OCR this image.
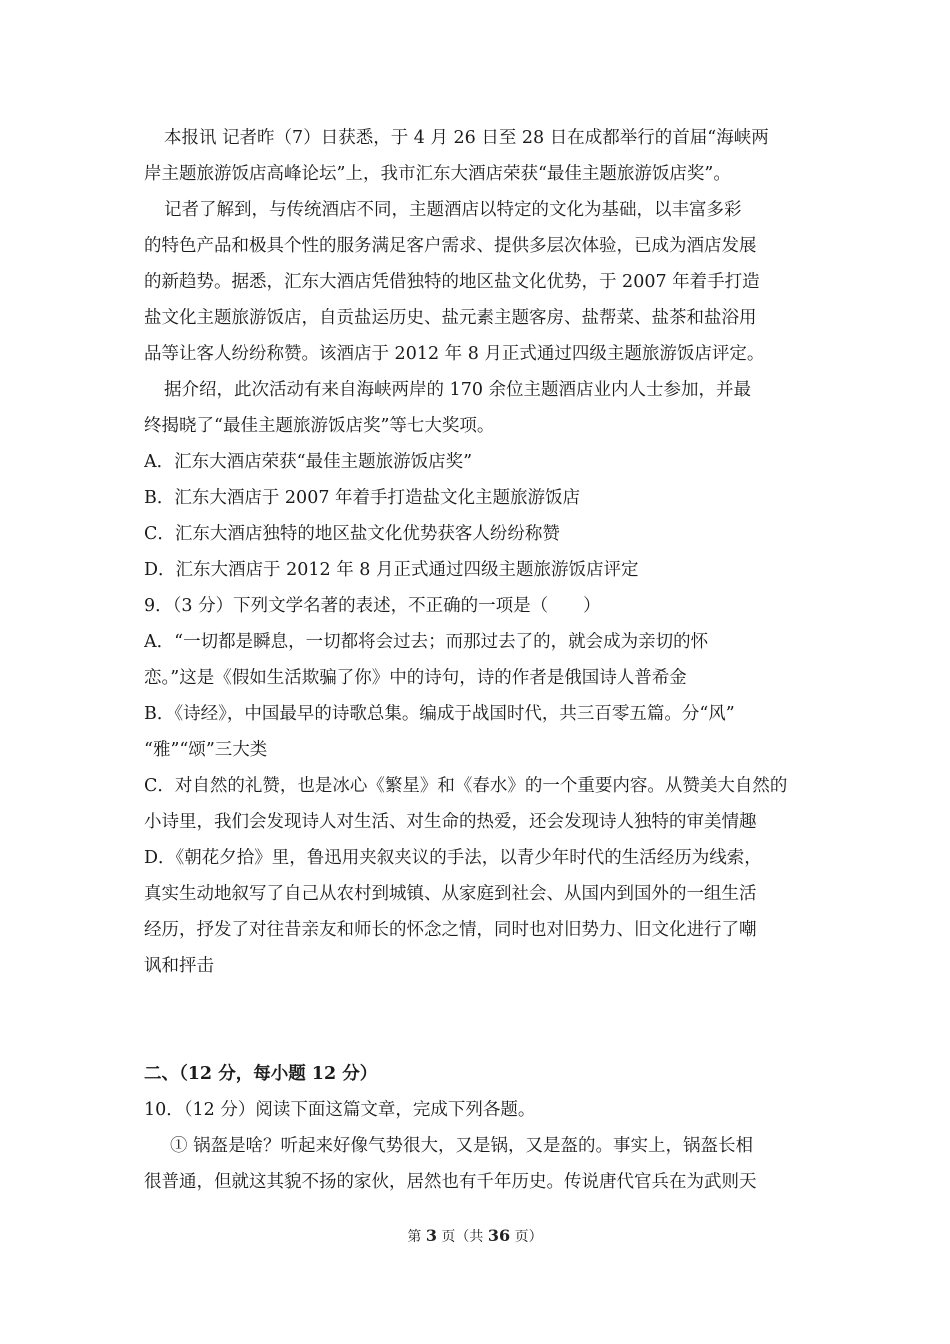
本报讯 记者昨（7）日获悉，于 4 月 26 日至 28 日在成都举行的首届“海峡两
岸主题旅游饭店高峰论坛”上，我市汇东大酒店荣获“最佳主题旅游饭店奖”。
记者了解到，与传统酒店不同，主题酒店以特定的文化为基础，以丰富多彩
的特色产品和极具个性的服务满足客户需求、提供多层次体验，已成为酒店发展
的新趋势。据悉，汇东大酒店凭借独特的地区盐文化优势，于 2007 年着手打造
盐文化主题旅游饭店，自贡盐运历史、盐元素主题客房、盐帮菜、盐茶和盐浴用
品等让客人纷纷称赞。该酒店于 2012 年 8 月正式通过四级主题旅游饭店评定。
据介绍，此次活动有来自海峡两岸的 170 余位主题酒店业内人士参加，并最
终揭晓了“最佳主题旅游饭店奖”等七大奖项。
A．汇东大酒店荣获“最佳主题旅游饭店奖”
B．汇东大酒店于 2007 年着手打造盐文化主题旅游饭店
C．汇东大酒店独特的地区盐文化优势获客人纷纷称赞
D．汇东大酒店于 2012 年 8 月正式通过四级主题旅游饭店评定
9．（3 分）下列文学名著的表述，不正确的一项是（　　）
A．“一切都是瞬息，一切都将会过去；而那过去了的，就会成为亲切的怀
恋。”这是《假如生活欺骗了你》中的诗句，诗的作者是俄国诗人普希金
B．《诗经》，中国最早的诗歌总集。编成于战国时代，共三百零五篇。分“风”
“雅”“颂”三大类
C．对自然的礼赞，也是冰心《繁星》和《春水》的一个重要内容。从赞美大自然的
小诗里，我们会发现诗人对生活、对生命的热爱，还会发现诗人独特的审美情趣
D．《朝花夕拾》里，鲁迅用夹叙夹议的手法，以青少年时代的生活经历为线索，
真实生动地叙写了自己从农村到城镇、从家庭到社会、从国内到国外的一组生活
经历，抒发了对往昔亲友和师长的怀念之情，同时也对旧势力、旧文化进行了嘲
讽和抨击
二、（12 分，每小题 12 分）
10．（12 分）阅读下面这篇文章，完成下列各题。
① 锅盔是啥？听起来好像气势很大，又是锅，又是盔的。事实上，锅盔长相
很普通，但就这其貌不扬的家伙，居然也有千年历史。传说唐代官兵在为武则天
第 3 页（共 36 页）
